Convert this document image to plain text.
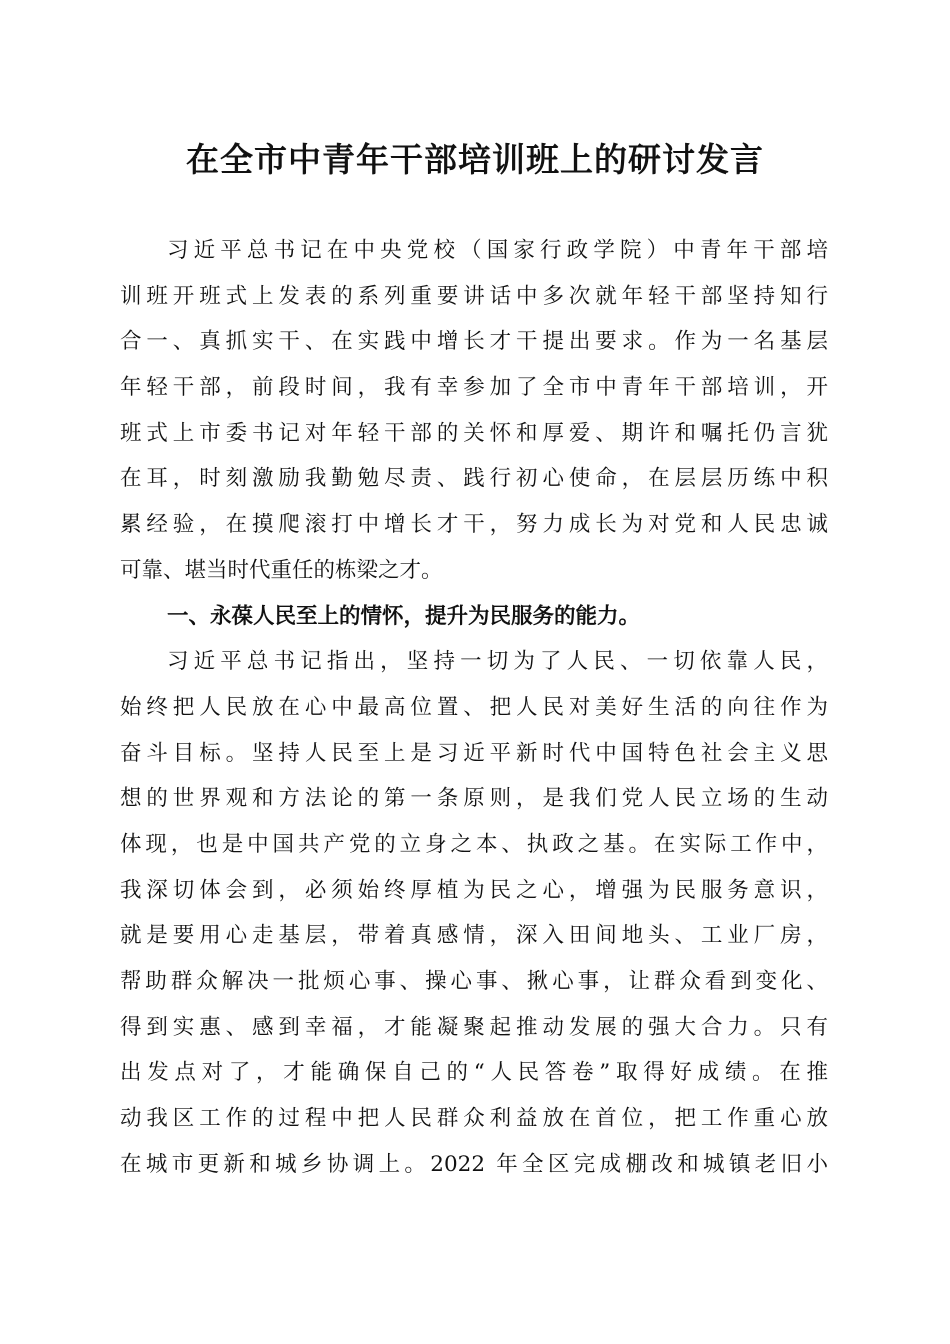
在全市中青年干部培训班上的研讨发言
习近平总书记在中央党校（国家行政学院）中青年干部培
训班开班式上发表的系列重要讲话中多次就年轻干部坚持知行
合一、真抓实干、在实践中增长才干提出要求。作为一名基层
年轻干部，前段时间，我有幸参加了全市中青年干部培训，开
班式上市委书记对年轻干部的关怀和厚爱、期许和嘱托仍言犹
在耳，时刻激励我勤勉尽责、践行初心使命，在层层历练中积
累经验，在摸爬滚打中增长才干，努力成长为对党和人民忠诚
可靠、堪当时代重任的栋梁之才。
一、永葆人民至上的情怀，提升为民服务的能力。
习近平总书记指出，坚持一切为了人民、一切依靠人民，
始终把人民放在心中最高位置、把人民对美好生活的向往作为
奋斗目标。坚持人民至上是习近平新时代中国特色社会主义思
想的世界观和方法论的第一条原则，是我们党人民立场的生动
体现，也是中国共产党的立身之本、执政之基。在实际工作中，
我深切体会到，必须始终厚植为民之心，增强为民服务意识，
就是要用心走基层，带着真感情，深入田间地头、工业厂房，
帮助群众解决一批烦心事、操心事、揪心事，让群众看到变化、
得到实惠、感到幸福，才能凝聚起推动发展的强大合力。只有
出发点对了，才能确保自己的“人民答卷”取得好成绩。在推
动我区工作的过程中把人民群众利益放在首位，把工作重心放
在城市更新和城乡协调上。2022 年全区完成棚改和城镇老旧小
